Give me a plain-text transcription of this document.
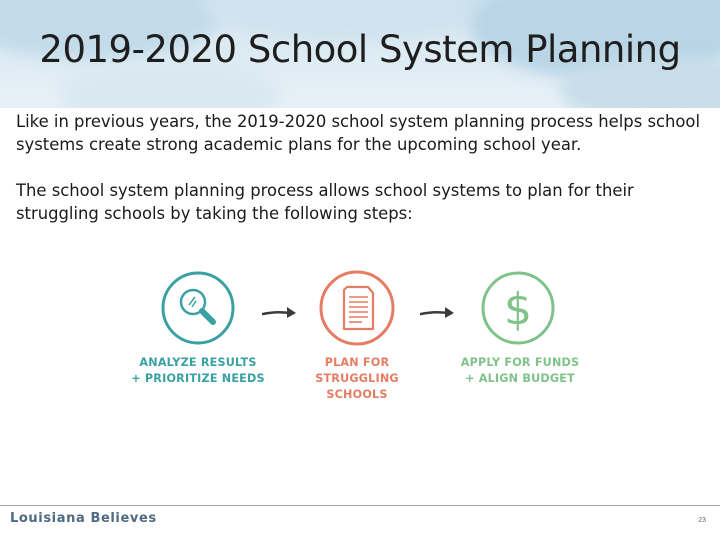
2019-2020 School System Planning

Like in previous years, the 2019-2020 school system planning process helps school systems create strong academic plans for the upcoming school year.

The school system planning process allows school systems to plan for their struggling schools by taking the following steps:

$
ANALYZE RESULTS
+ PRIORITIZE NEEDS
PLAN FOR
STRUGGLING
SCHOOLS
APPLY FOR FUNDS
+ ALIGN BUDGET
Louisiana Believes	23
